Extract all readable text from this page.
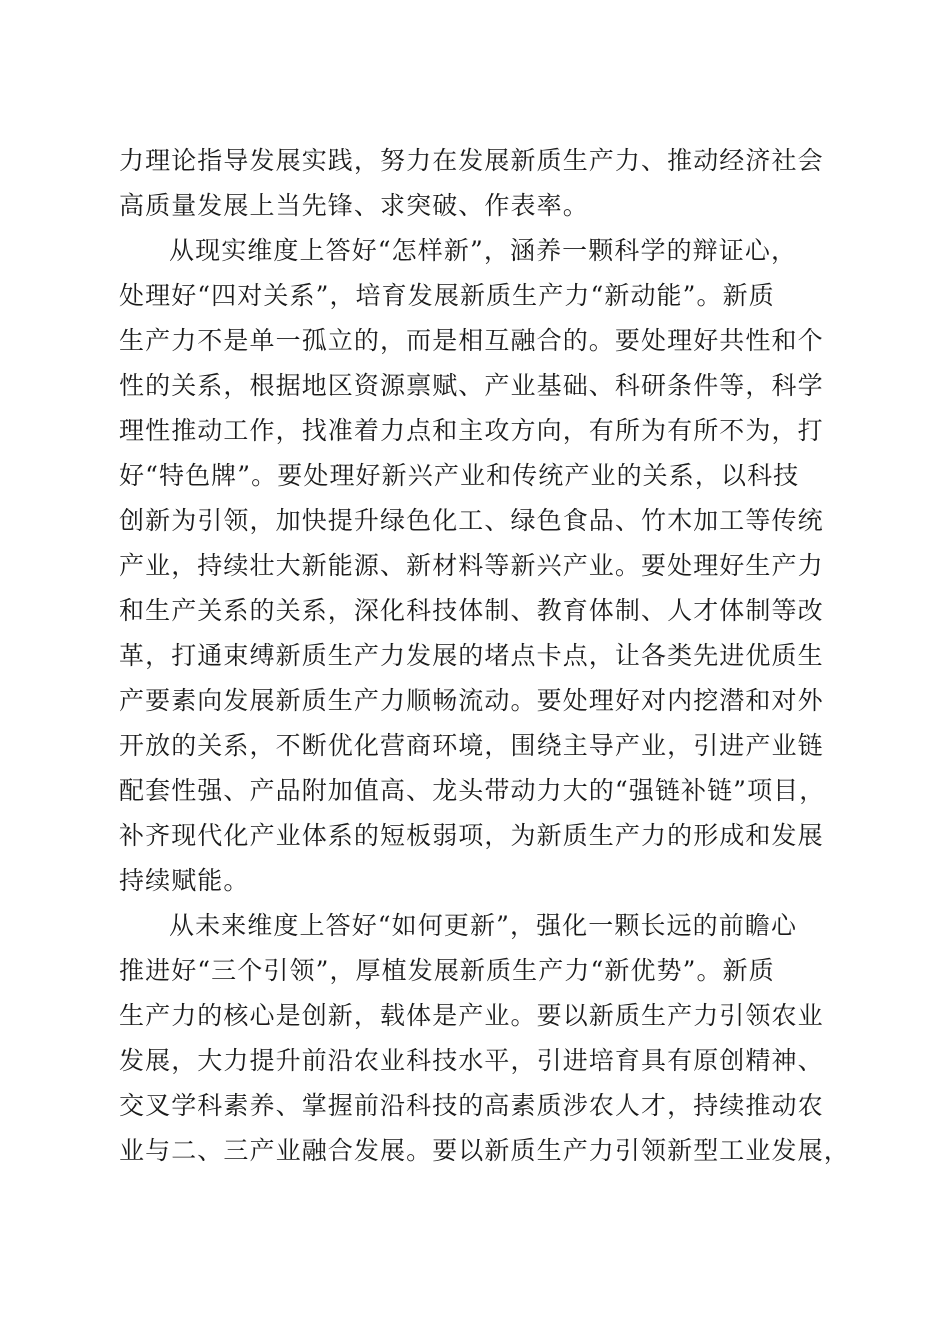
力理论指导发展实践，努力在发展新质生产力、推动经济社会
高质量发展上当先锋、求突破、作表率。
从现实维度上答好“怎样新”，涵养一颗科学的辩证心，
处理好“四对关系”，培育发展新质生产力“新动能”。新质
生产力不是单一孤立的，而是相互融合的。要处理好共性和个
性的关系，根据地区资源禀赋、产业基础、科研条件等，科学
理性推动工作，找准着力点和主攻方向，有所为有所不为，打
好“特色牌”。要处理好新兴产业和传统产业的关系，以科技
创新为引领，加快提升绿色化工、绿色食品、竹木加工等传统
产业，持续壮大新能源、新材料等新兴产业。要处理好生产力
和生产关系的关系，深化科技体制、教育体制、人才体制等改
革，打通束缚新质生产力发展的堵点卡点，让各类先进优质生
产要素向发展新质生产力顺畅流动。要处理好对内挖潜和对外
开放的关系，不断优化营商环境，围绕主导产业，引进产业链
配套性强、产品附加值高、龙头带动力大的“强链补链”项目，
补齐现代化产业体系的短板弱项，为新质生产力的形成和发展
持续赋能。
从未来维度上答好“如何更新”，强化一颗长远的前瞻心
推进好“三个引领”，厚植发展新质生产力“新优势”。新质
生产力的核心是创新，载体是产业。要以新质生产力引领农业
发展，大力提升前沿农业科技水平，引进培育具有原创精神、
交叉学科素养、掌握前沿科技的高素质涉农人才，持续推动农
业与二、三产业融合发展。要以新质生产力引领新型工业发展，
